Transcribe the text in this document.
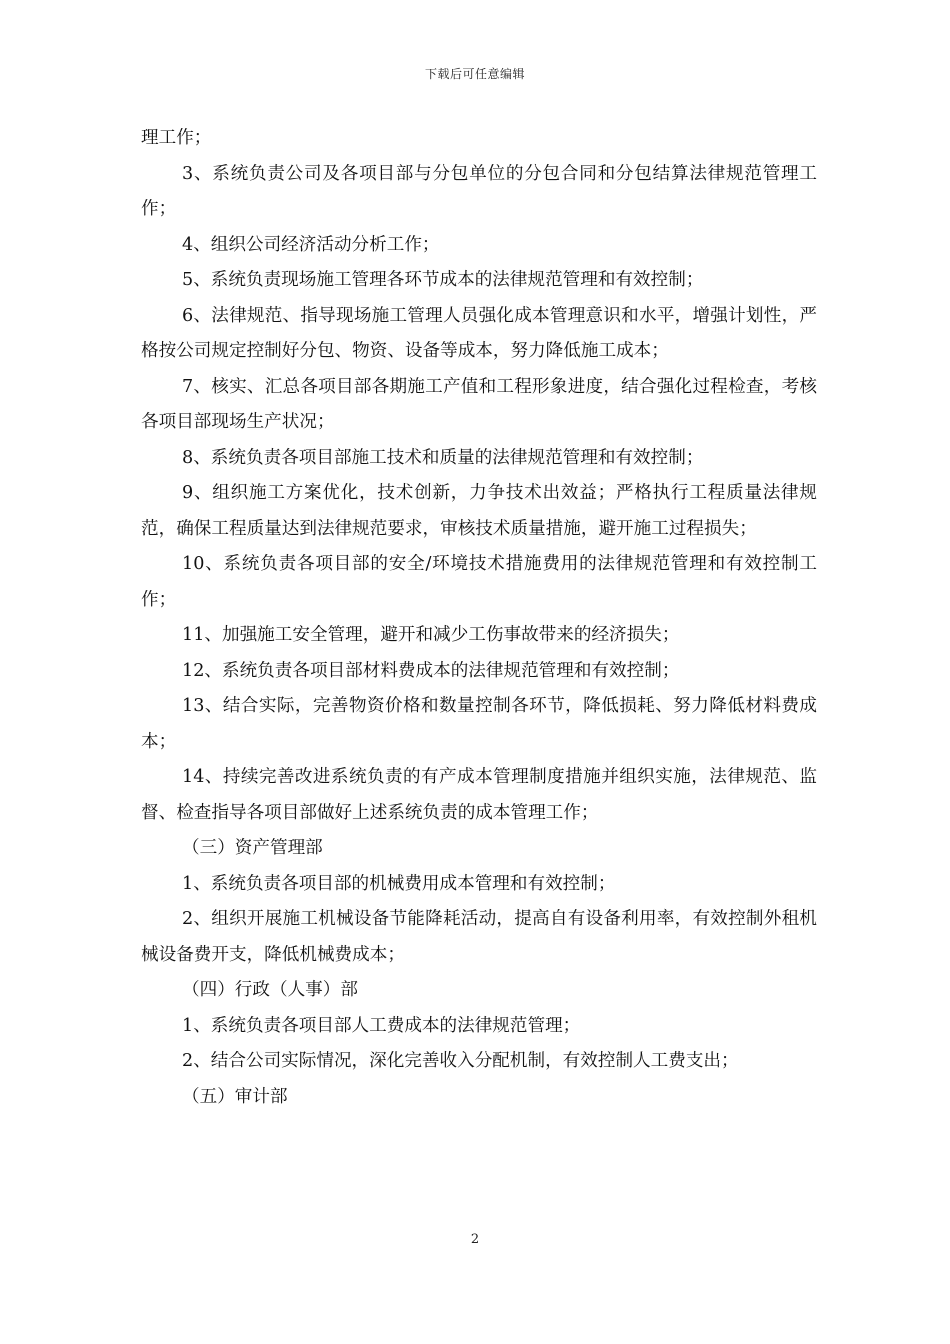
下载后可任意编辑

理工作；

3、系统负责公司及各项目部与分包单位的分包合同和分包结算法律规范管理工作；

4、组织公司经济活动分析工作；

5、系统负责现场施工管理各环节成本的法律规范管理和有效控制；

6、法律规范、指导现场施工管理人员强化成本管理意识和水平，增强计划性，严格按公司规定控制好分包、物资、设备等成本，努力降低施工成本；

7、核实、汇总各项目部各期施工产值和工程形象进度，结合强化过程检查，考核各项目部现场生产状况；

8、系统负责各项目部施工技术和质量的法律规范管理和有效控制；

9、组织施工方案优化，技术创新，力争技术出效益；严格执行工程质量法律规范，确保工程质量达到法律规范要求，审核技术质量措施，避开施工过程损失；

10、系统负责各项目部的安全/环境技术措施费用的法律规范管理和有效控制工作；

11、加强施工安全管理，避开和减少工伤事故带来的经济损失；

12、系统负责各项目部材料费成本的法律规范管理和有效控制；

13、结合实际，完善物资价格和数量控制各环节，降低损耗、努力降低材料费成本；

14、持续完善改进系统负责的有产成本管理制度措施并组织实施，法律规范、监督、检查指导各项目部做好上述系统负责的成本管理工作；

（三）资产管理部

1、系统负责各项目部的机械费用成本管理和有效控制；

2、组织开展施工机械设备节能降耗活动，提高自有设备利用率，有效控制外租机械设备费开支，降低机械费成本；

（四）行政（人事）部

1、系统负责各项目部人工费成本的法律规范管理；

2、结合公司实际情况，深化完善收入分配机制，有效控制人工费支出；

（五）审计部

2
